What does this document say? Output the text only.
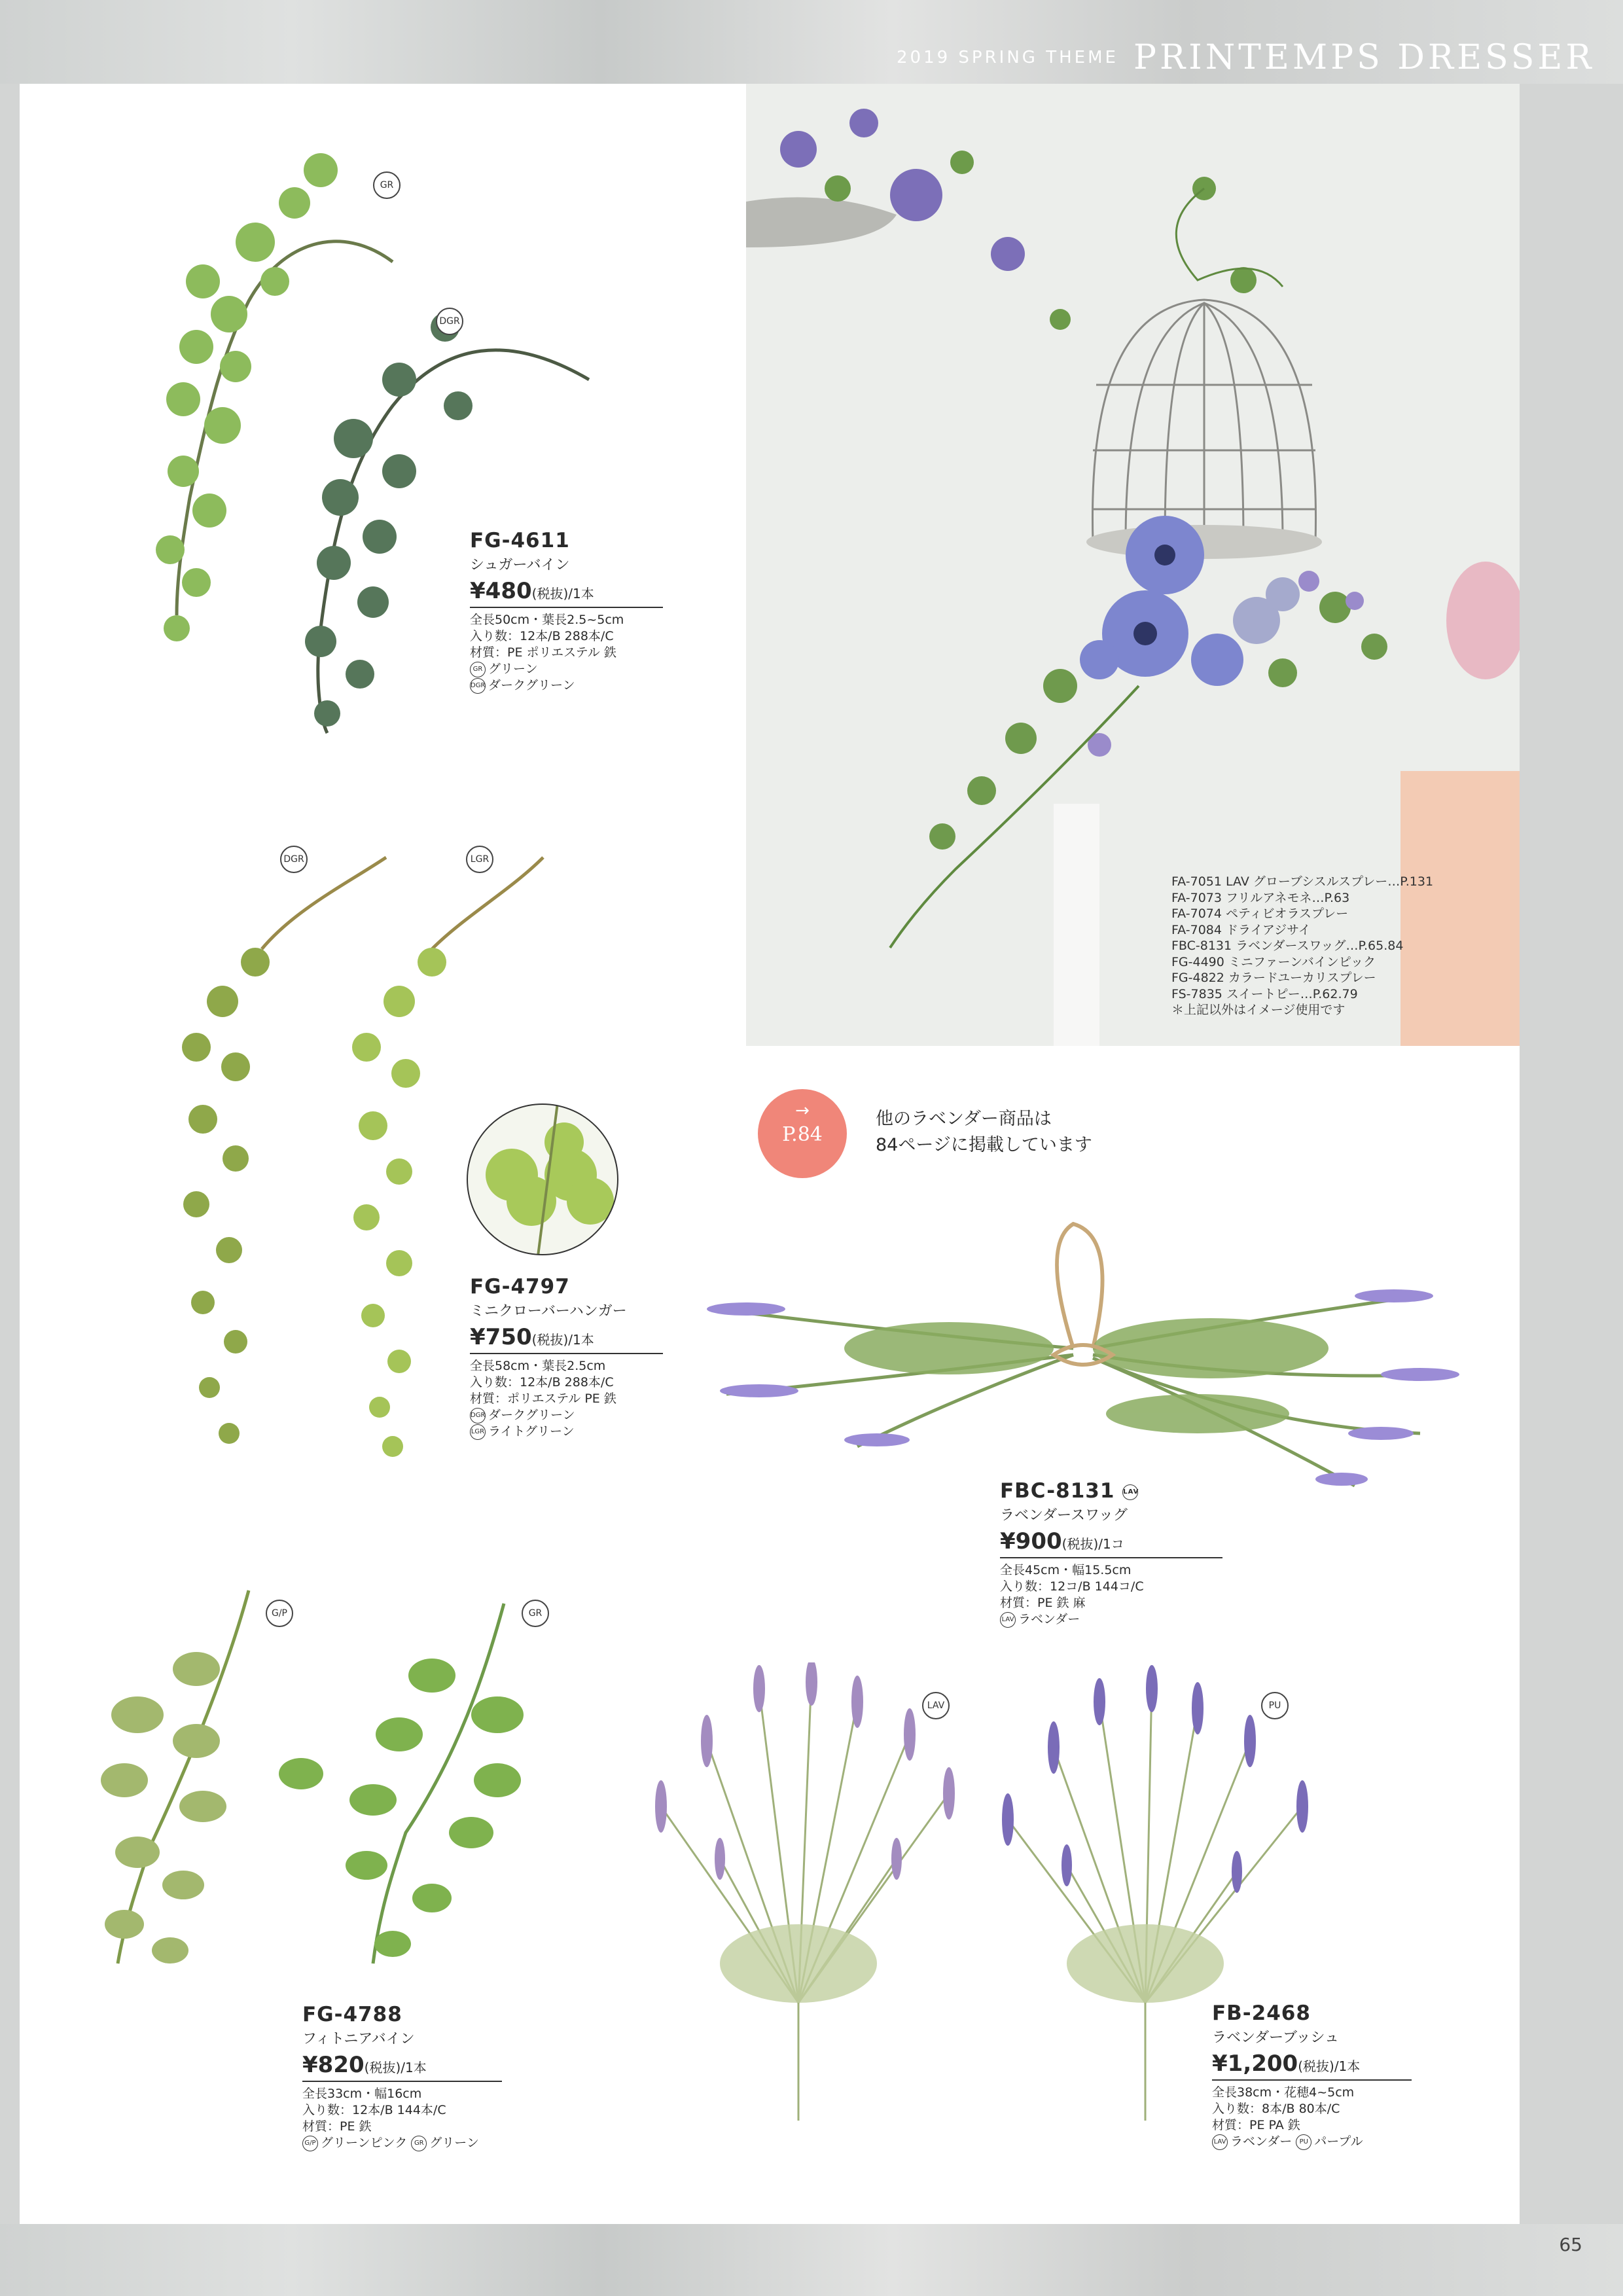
2019 SPRING THEME PRINTEMPS DRESSER
GR
DGR
FG-4611
シュガーバイン
¥480(税抜)/1本
全長50cm・葉長2.5~5cm
入り数：12本/B 288本/C
材質：PE ポリエステル 鉄
GR グリーン
DGR ダークグリーン
FA-7051 LAV グローブシスルスプレー…P.131
FA-7073 フリルアネモネ…P.63
FA-7074 ペティビオラスプレー
FA-7084 ドライアジサイ
FBC-8131 ラベンダースワッグ…P.65.84
FG-4490 ミニファーンバインピック
FG-4822 カラードユーカリスプレー
FS-7835 スイートピー…P.62.79
＊上記以外はイメージ使用です
DGR	LGR
FG-4797
ミニクローバーハンガー
¥750(税抜)/1本
全長58cm・葉長2.5cm
入り数：12本/B 288本/C
材質：ポリエステル PE 鉄
DGR ダークグリーン
LGR ライトグリーン
→
P.84
他のラベンダー商品は
84ページに掲載しています
FBC-8131 LAV
ラベンダースワッグ
¥900(税抜)/1コ
全長45cm・幅15.5cm
入り数：12コ/B 144コ/C
材質：PE 鉄 麻
LAV ラベンダー
G/P	GR
FG-4788
フィトニアバイン
¥820(税抜)/1本
全長33cm・幅16cm
入り数：12本/B 144本/C
材質：PE 鉄
G/P グリーンピンク GR グリーン
LAV	PU
FB-2468
ラベンダーブッシュ
¥1,200(税抜)/1本
全長38cm・花穂4~5cm
入り数：8本/B 80本/C
材質：PE PA 鉄
LAV ラベンダー PU パープル
65
